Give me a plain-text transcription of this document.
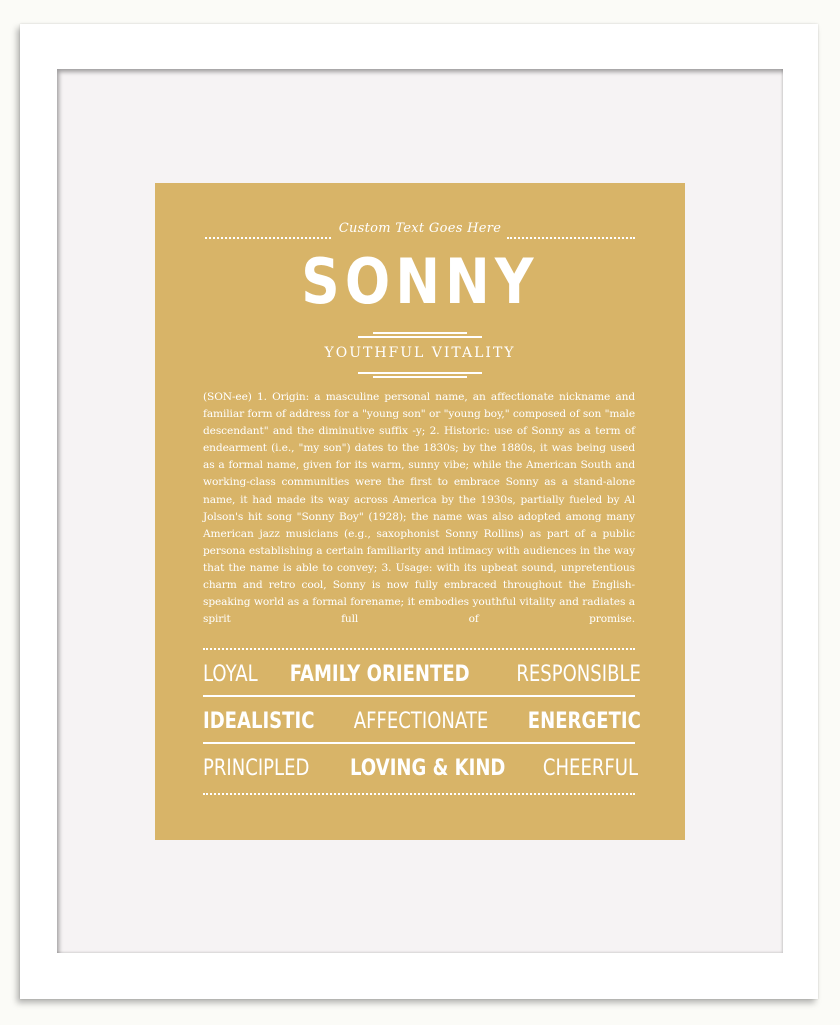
Custom Text Goes Here
SONNY
YOUTHFUL VITALITY
(SON-ee) 1. Origin: a masculine personal name, an affectionate nickname and familiar form of address for a "young son" or "young boy," composed of son "male descendant" and the diminutive suffix -y; 2. Historic: use of Sonny as a term of endearment (i.e., "my son") dates to the 1830s; by the 1880s, it was being used as a formal name, given for its warm, sunny vibe; while the American South and working-class communities were the first to embrace Sonny as a stand-alone name, it had made its way across America by the 1930s, partially fueled by Al Jolson's hit song "Sonny Boy" (1928); the name was also adopted among many American jazz musicians (e.g., saxophonist Sonny Rollins) as part of a public persona establishing a certain familiarity and intimacy with audiences in the way that the name is able to convey; 3. Usage: with its upbeat sound, unpretentious charm and retro cool, Sonny is now fully embraced throughout the English-speaking world as a formal forename; it embodies youthful vitality and radiates a spirit full of promise.
LOYAL FAMILY ORIENTED RESPONSIBLE
IDEALISTIC AFFECTIONATE ENERGETIC
PRINCIPLED LOVING & KIND CHEERFUL
